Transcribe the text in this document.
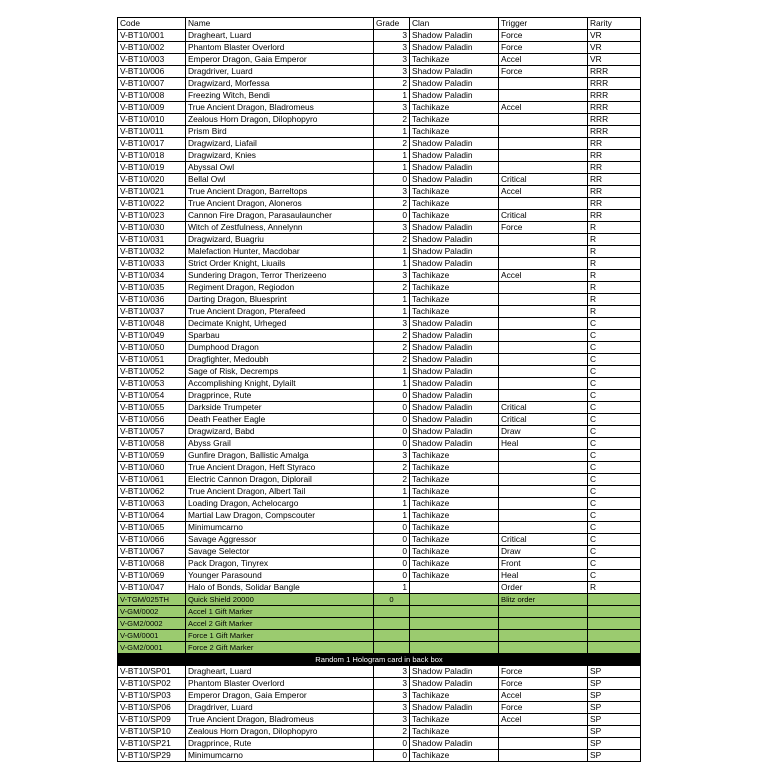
Code	Name	Grade	Clan	Trigger	Rarity
V-BT10/001	Dragheart, Luard	3	Shadow Paladin	Force	VR
V-BT10/002	Phantom Blaster Overlord	3	Shadow Paladin	Force	VR
V-BT10/003	Emperor Dragon, Gaia Emperor	3	Tachikaze	Accel	VR
V-BT10/006	Dragdriver, Luard	3	Shadow Paladin	Force	RRR
V-BT10/007	Dragwizard, Morfessa	2	Shadow Paladin		RRR
V-BT10/008	Freezing Witch, Bendi	1	Shadow Paladin		RRR
V-BT10/009	True Ancient Dragon, Bladromeus	3	Tachikaze	Accel	RRR
V-BT10/010	Zealous Horn Dragon, Dilophopyro	2	Tachikaze		RRR
V-BT10/011	Prism Bird	1	Tachikaze		RRR
V-BT10/017	Dragwizard, Liafail	2	Shadow Paladin		RR
V-BT10/018	Dragwizard, Knies	1	Shadow Paladin		RR
V-BT10/019	Abyssal Owl	1	Shadow Paladin		RR
V-BT10/020	Bellal Owl	0	Shadow Paladin	Critical	RR
V-BT10/021	True Ancient Dragon, Barreltops	3	Tachikaze	Accel	RR
V-BT10/022	True Ancient Dragon, Aloneros	2	Tachikaze		RR
V-BT10/023	Cannon Fire Dragon, Parasaulauncher	0	Tachikaze	Critical	RR
V-BT10/030	Witch of Zestfulness, Annelynn	3	Shadow Paladin	Force	R
V-BT10/031	Dragwizard, Buagriu	2	Shadow Paladin		R
V-BT10/032	Malefaction Hunter, Macdobar	1	Shadow Paladin		R
V-BT10/033	Strict Order Knight, Liuails	1	Shadow Paladin		R
V-BT10/034	Sundering Dragon, Terror Therizeeno	3	Tachikaze	Accel	R
V-BT10/035	Regiment Dragon, Regiodon	2	Tachikaze		R
V-BT10/036	Darting Dragon, Bluesprint	1	Tachikaze		R
V-BT10/037	True Ancient Dragon, Pterafeed	1	Tachikaze		R
V-BT10/048	Decimate Knight, Urheged	3	Shadow Paladin		C
V-BT10/049	Sparbau	2	Shadow Paladin		C
V-BT10/050	Dumphood Dragon	2	Shadow Paladin		C
V-BT10/051	Dragfighter, Medoubh	2	Shadow Paladin		C
V-BT10/052	Sage of Risk, Decremps	1	Shadow Paladin		C
V-BT10/053	Accomplishing Knight, Dylailt	1	Shadow Paladin		C
V-BT10/054	Dragprince, Rute	0	Shadow Paladin		C
V-BT10/055	Darkside Trumpeter	0	Shadow Paladin	Critical	C
V-BT10/056	Death Feather Eagle	0	Shadow Paladin	Critical	C
V-BT10/057	Dragwizard, Babd	0	Shadow Paladin	Draw	C
V-BT10/058	Abyss Grail	0	Shadow Paladin	Heal	C
V-BT10/059	Gunfire Dragon, Ballistic Amalga	3	Tachikaze		C
V-BT10/060	True Ancient Dragon, Heft Styraco	2	Tachikaze		C
V-BT10/061	Electric Cannon Dragon, Diplorail	2	Tachikaze		C
V-BT10/062	True Ancient Dragon, Albert Tail	1	Tachikaze		C
V-BT10/063	Loading Dragon, Achelocargo	1	Tachikaze		C
V-BT10/064	Martial Law Dragon, Compscouter	1	Tachikaze		C
V-BT10/065	Minimumcarno	0	Tachikaze		C
V-BT10/066	Savage Aggressor	0	Tachikaze	Critical	C
V-BT10/067	Savage Selector	0	Tachikaze	Draw	C
V-BT10/068	Pack Dragon, Tinyrex	0	Tachikaze	Front	C
V-BT10/069	Younger Parasound	0	Tachikaze	Heal	C
V-BT10/047	Halo of Bonds, Solidar Bangle	1		Order	R
V-TGM/025TH	Quick Shield 20000	0		Blitz order	
V-GM/0002	Accel 1 Gift Marker				
V-GM2/0002	Accel 2 Gift Marker				
V-GM/0001	Force 1 Gift Marker				
V-GM2/0001	Force 2 Gift Marker				
Random 1 Hologram card in back box					
V-BT10/SP01	Dragheart, Luard	3	Shadow Paladin	Force	SP
V-BT10/SP02	Phantom Blaster Overlord	3	Shadow Paladin	Force	SP
V-BT10/SP03	Emperor Dragon, Gaia Emperor	3	Tachikaze	Accel	SP
V-BT10/SP06	Dragdriver, Luard	3	Shadow Paladin	Force	SP
V-BT10/SP09	True Ancient Dragon, Bladromeus	3	Tachikaze	Accel	SP
V-BT10/SP10	Zealous Horn Dragon, Dilophopyro	2	Tachikaze		SP
V-BT10/SP21	Dragprince, Rute	0	Shadow Paladin		SP
V-BT10/SP29	Minimumcarno	0	Tachikaze		SP
